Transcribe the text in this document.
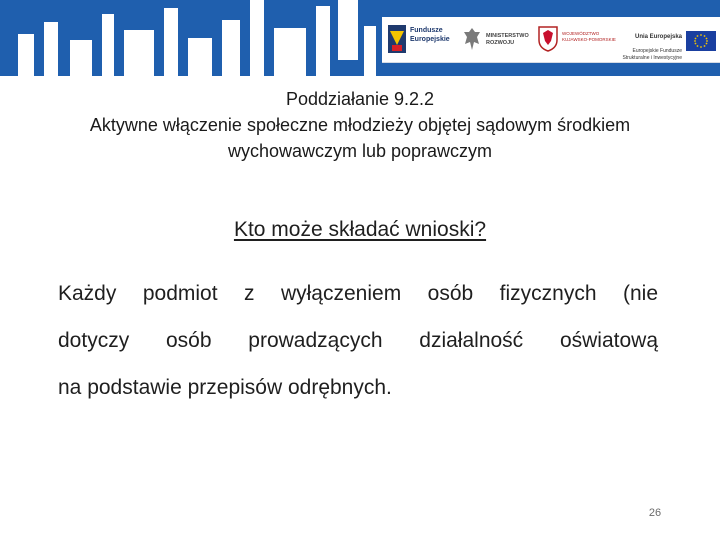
Fundusze
Europejskie	MINISTERSTWO
ROZWOJU
WOJEWÓDZTWO
KUJAWSKO-POMORSKIE	Unia Europejska

Europejskie Fundusze
Strukturalne i Inwestycyjne

Poddziałanie 9.2.2
Aktywne włączenie społeczne młodzieży objętej sądowym środkiem wychowawczym lub poprawczym
Kto może składać wnioski?
Każdy podmiot z wyłączeniem osób fizycznych (nie
dotyczy osób prowadzących działalność oświatową
na podstawie przepisów odrębnych.
26
